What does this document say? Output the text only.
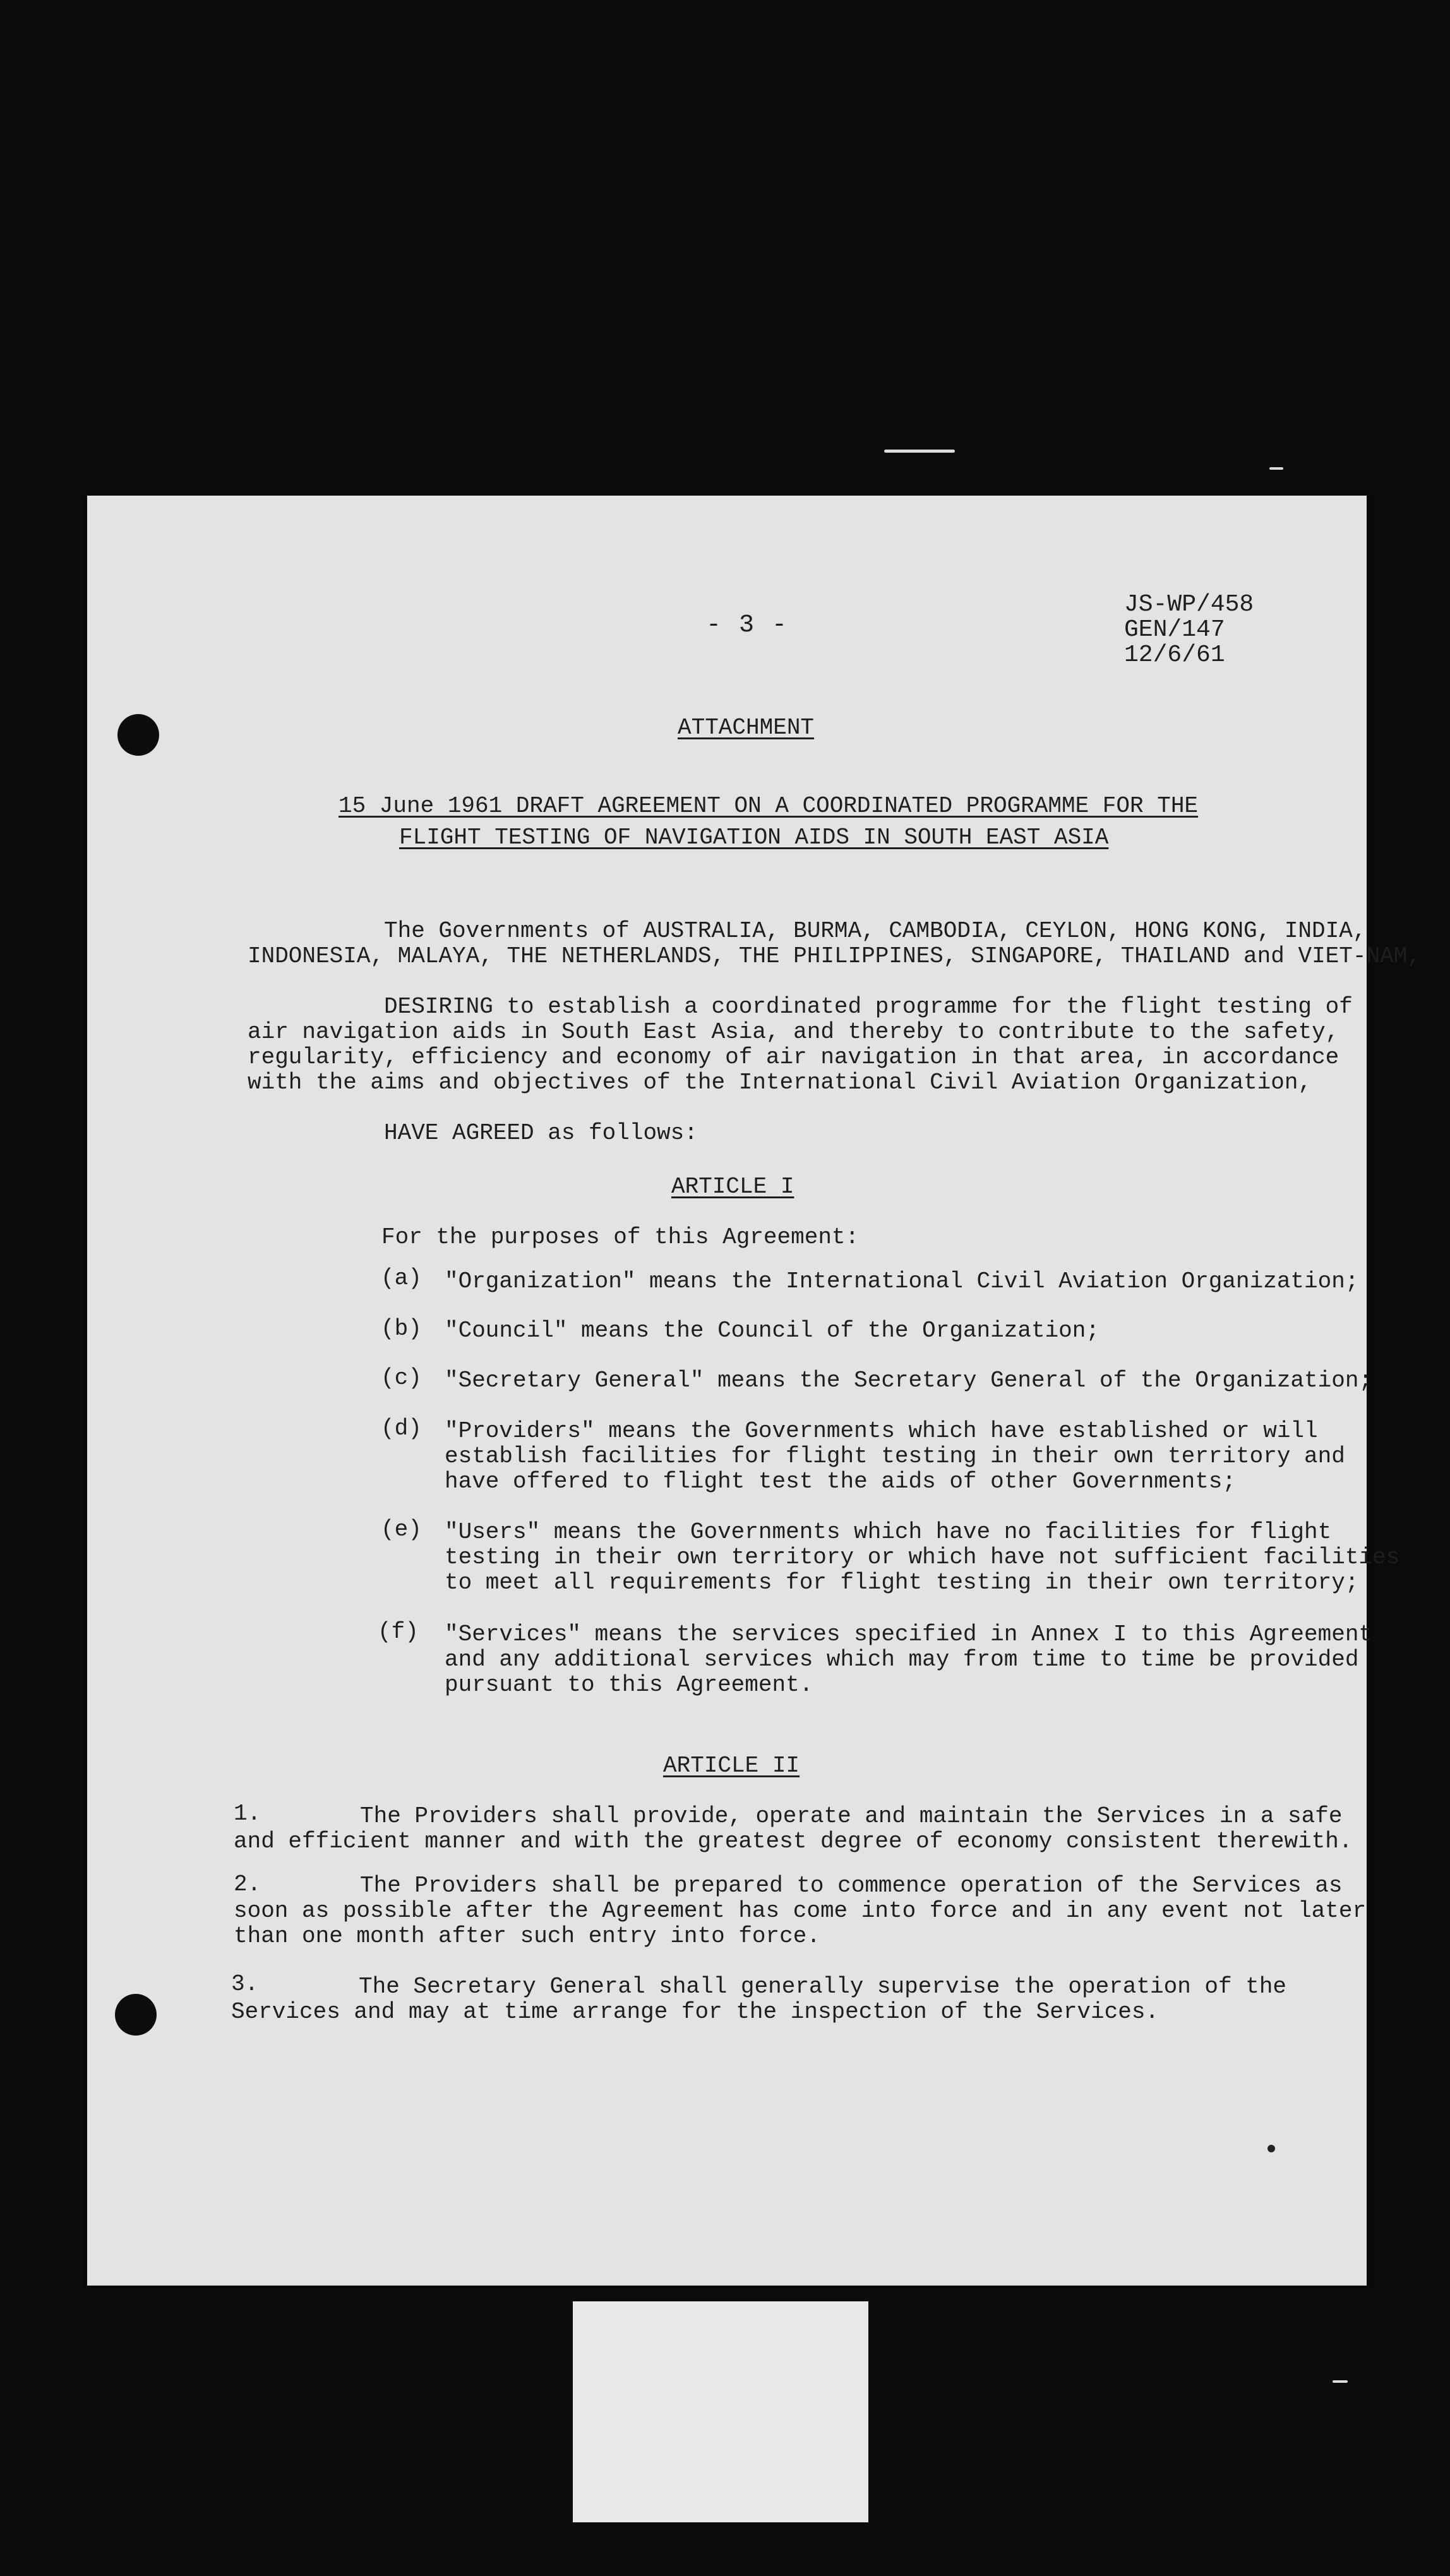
- 3 -
JS-WP/458
GEN/147
12/6/61
ATTACHMENT
15 June 1961 DRAFT AGREEMENT ON A COORDINATED PROGRAMME FOR THE
FLIGHT TESTING OF NAVIGATION AIDS IN SOUTH EAST ASIA
The Governments of AUSTRALIA, BURMA, CAMBODIA, CEYLON, HONG KONG, INDIA,
INDONESIA, MALAYA, THE NETHERLANDS, THE PHILIPPINES, SINGAPORE, THAILAND and VIET-NAM,
DESIRING to establish a coordinated programme for the flight testing of
air navigation aids in South East Asia, and thereby to contribute to the safety,
regularity, efficiency and economy of air navigation in that area, in accordance
with the aims and objectives of the International Civil Aviation Organization,
HAVE AGREED as follows:
ARTICLE I
For the purposes of this Agreement:
(a) "Organization" means the International Civil Aviation Organization;
(b) "Council" means the Council of the Organization;
(c) "Secretary General" means the Secretary General of the Organization;
(d) "Providers" means the Governments which have established or will
establish facilities for flight testing in their own territory and
have offered to flight test the aids of other Governments;
(e) "Users" means the Governments which have no facilities for flight
testing in their own territory or which have not sufficient facilities
to meet all requirements for flight testing in their own territory;
(f) "Services" means the services specified in Annex I to this Agreement
and any additional services which may from time to time be provided
pursuant to this Agreement.
ARTICLE II
1.	The Providers shall provide, operate and maintain the Services in a safe
and efficient manner and with the greatest degree of economy consistent therewith.
2.	The Providers shall be prepared to commence operation of the Services as
soon as possible after the Agreement has come into force and in any event not later
than one month after such entry into force.
3.	The Secretary General shall generally supervise the operation of the
Services and may at time arrange for the inspection of the Services.
